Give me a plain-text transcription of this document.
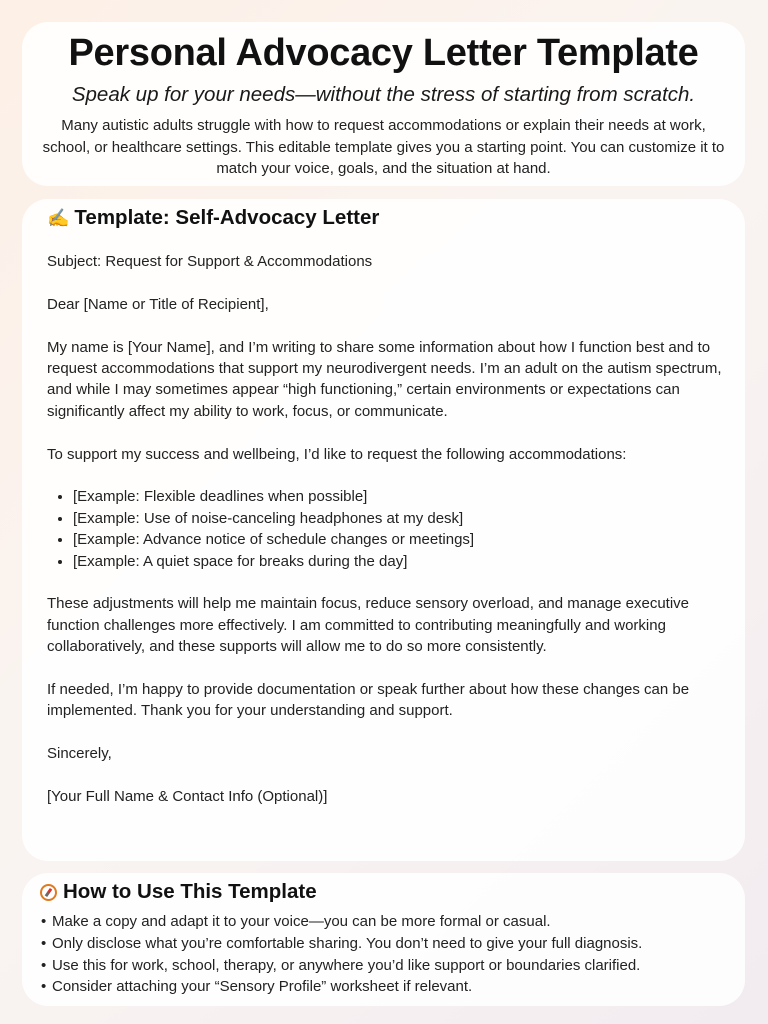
Personal Advocacy Letter Template

Speak up for your needs—without the stress of starting from scratch.

Many autistic adults struggle with how to request accommodations or explain their needs at work, school, or healthcare settings. This editable template gives you a starting point. You can customize it to match your voice, goals, and the situation at hand.

✍️ Template: Self-Advocacy Letter

Subject: Request for Support & Accommodations

Dear [Name or Title of Recipient],

My name is [Your Name], and I’m writing to share some information about how I function best and to request accommodations that support my neurodivergent needs. I’m an adult on the autism spectrum, and while I may sometimes appear “high functioning,” certain environments or expectations can significantly affect my ability to work, focus, or communicate.

To support my success and wellbeing, I’d like to request the following accommodations:

• [Example: Flexible deadlines when possible]
• [Example: Use of noise-canceling headphones at my desk]
• [Example: Advance notice of schedule changes or meetings]
• [Example: A quiet space for breaks during the day]

These adjustments will help me maintain focus, reduce sensory overload, and manage executive function challenges more effectively. I am committed to contributing meaningfully and working collaboratively, and these supports will allow me to do so more consistently.

If needed, I’m happy to provide documentation or speak further about how these changes can be implemented. Thank you for your understanding and support.

Sincerely,

[Your Full Name & Contact Info (Optional)]

How to Use This Template
• Make a copy and adapt it to your voice—you can be more formal or casual.
• Only disclose what you’re comfortable sharing. You don’t need to give your full diagnosis.
• Use this for work, school, therapy, or anywhere you’d like support or boundaries clarified.
• Consider attaching your “Sensory Profile” worksheet if relevant.
